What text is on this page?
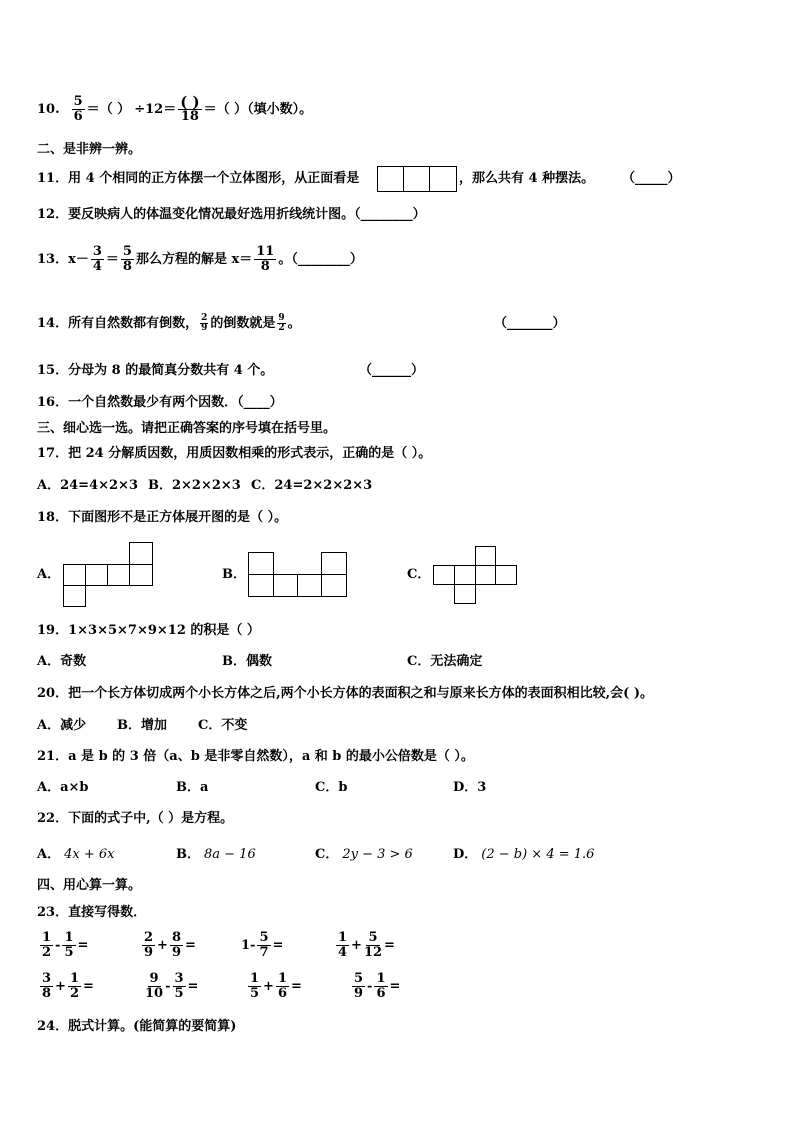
10. $\frac{5}{6}$ ＝ （ ） $\div 12= \frac{( )}{18}$ ＝ （ ）（填小数）。
二、是非辨一辨。
11．用 4 个相同的正方体摆一个立体图形，从正面看是	，那么共有 4 种摆法。 （_____）
12．要反映病人的体温变化情况最好选用折线统计图。（________）
13．$x- \frac{3}{4} = \frac{5}{8}$ 那么方程的解是 $x= \frac{11}{8}$ 。（________）
14．所有自然数都有倒数， $\frac{2}{9}$ 的倒数就是 $\frac{9}{2}$ 。	（_______）
15．分母为 8 的最简真分数共有 4 个。	（______）
16．一个自然数最少有两个因数．（____）
三、细心选一选。请把正确答案的序号填在括号里。
17．把 24 分解质因数，用质因数相乘的形式表示，正确的是（ ）。
A．24=4×2×3 B．2×2×2×3 C．24=2×2×2×3
18．下面图形不是正方体展开图的是（ ）。
A．	B．	C．
19．1×3×5×7×9×12 的积是（ ）
A．奇数	B．偶数	C．无法确定
20．把一个长方体切成两个小长方体之后,两个小长方体的表面积之和与原来长方体的表面积相比较,会( )。
A．减少 B．增加 C．不变
21．a 是 b 的 3 倍（a、b 是非零自然数），a 和 b 的最小公倍数是（ ）。
A．a×b	B．a	C．b	D．3
22．下面的式子中,（ ）是方程。
A． 4x + 6x	B． 8a − 16	C． 2y − 3 > 6	D． (2 − b) × 4 = 1.6
四、用心算一算。
23．直接写得数．
$\frac{1}{2} - \frac{1}{5}$ =	$\frac{2}{9} + \frac{8}{9}$ =	$1- \frac{5}{7}$ =	$\frac{1}{4} + \frac{5}{12}$ =
$\frac{3}{8} + \frac{1}{2}$ =	$\frac{9}{10} - \frac{3}{5}$ =	$\frac{1}{5} + \frac{1}{6}$ =	$\frac{5}{9} - \frac{1}{6}$ =
24．脱式计算。(能简算的要简算)
